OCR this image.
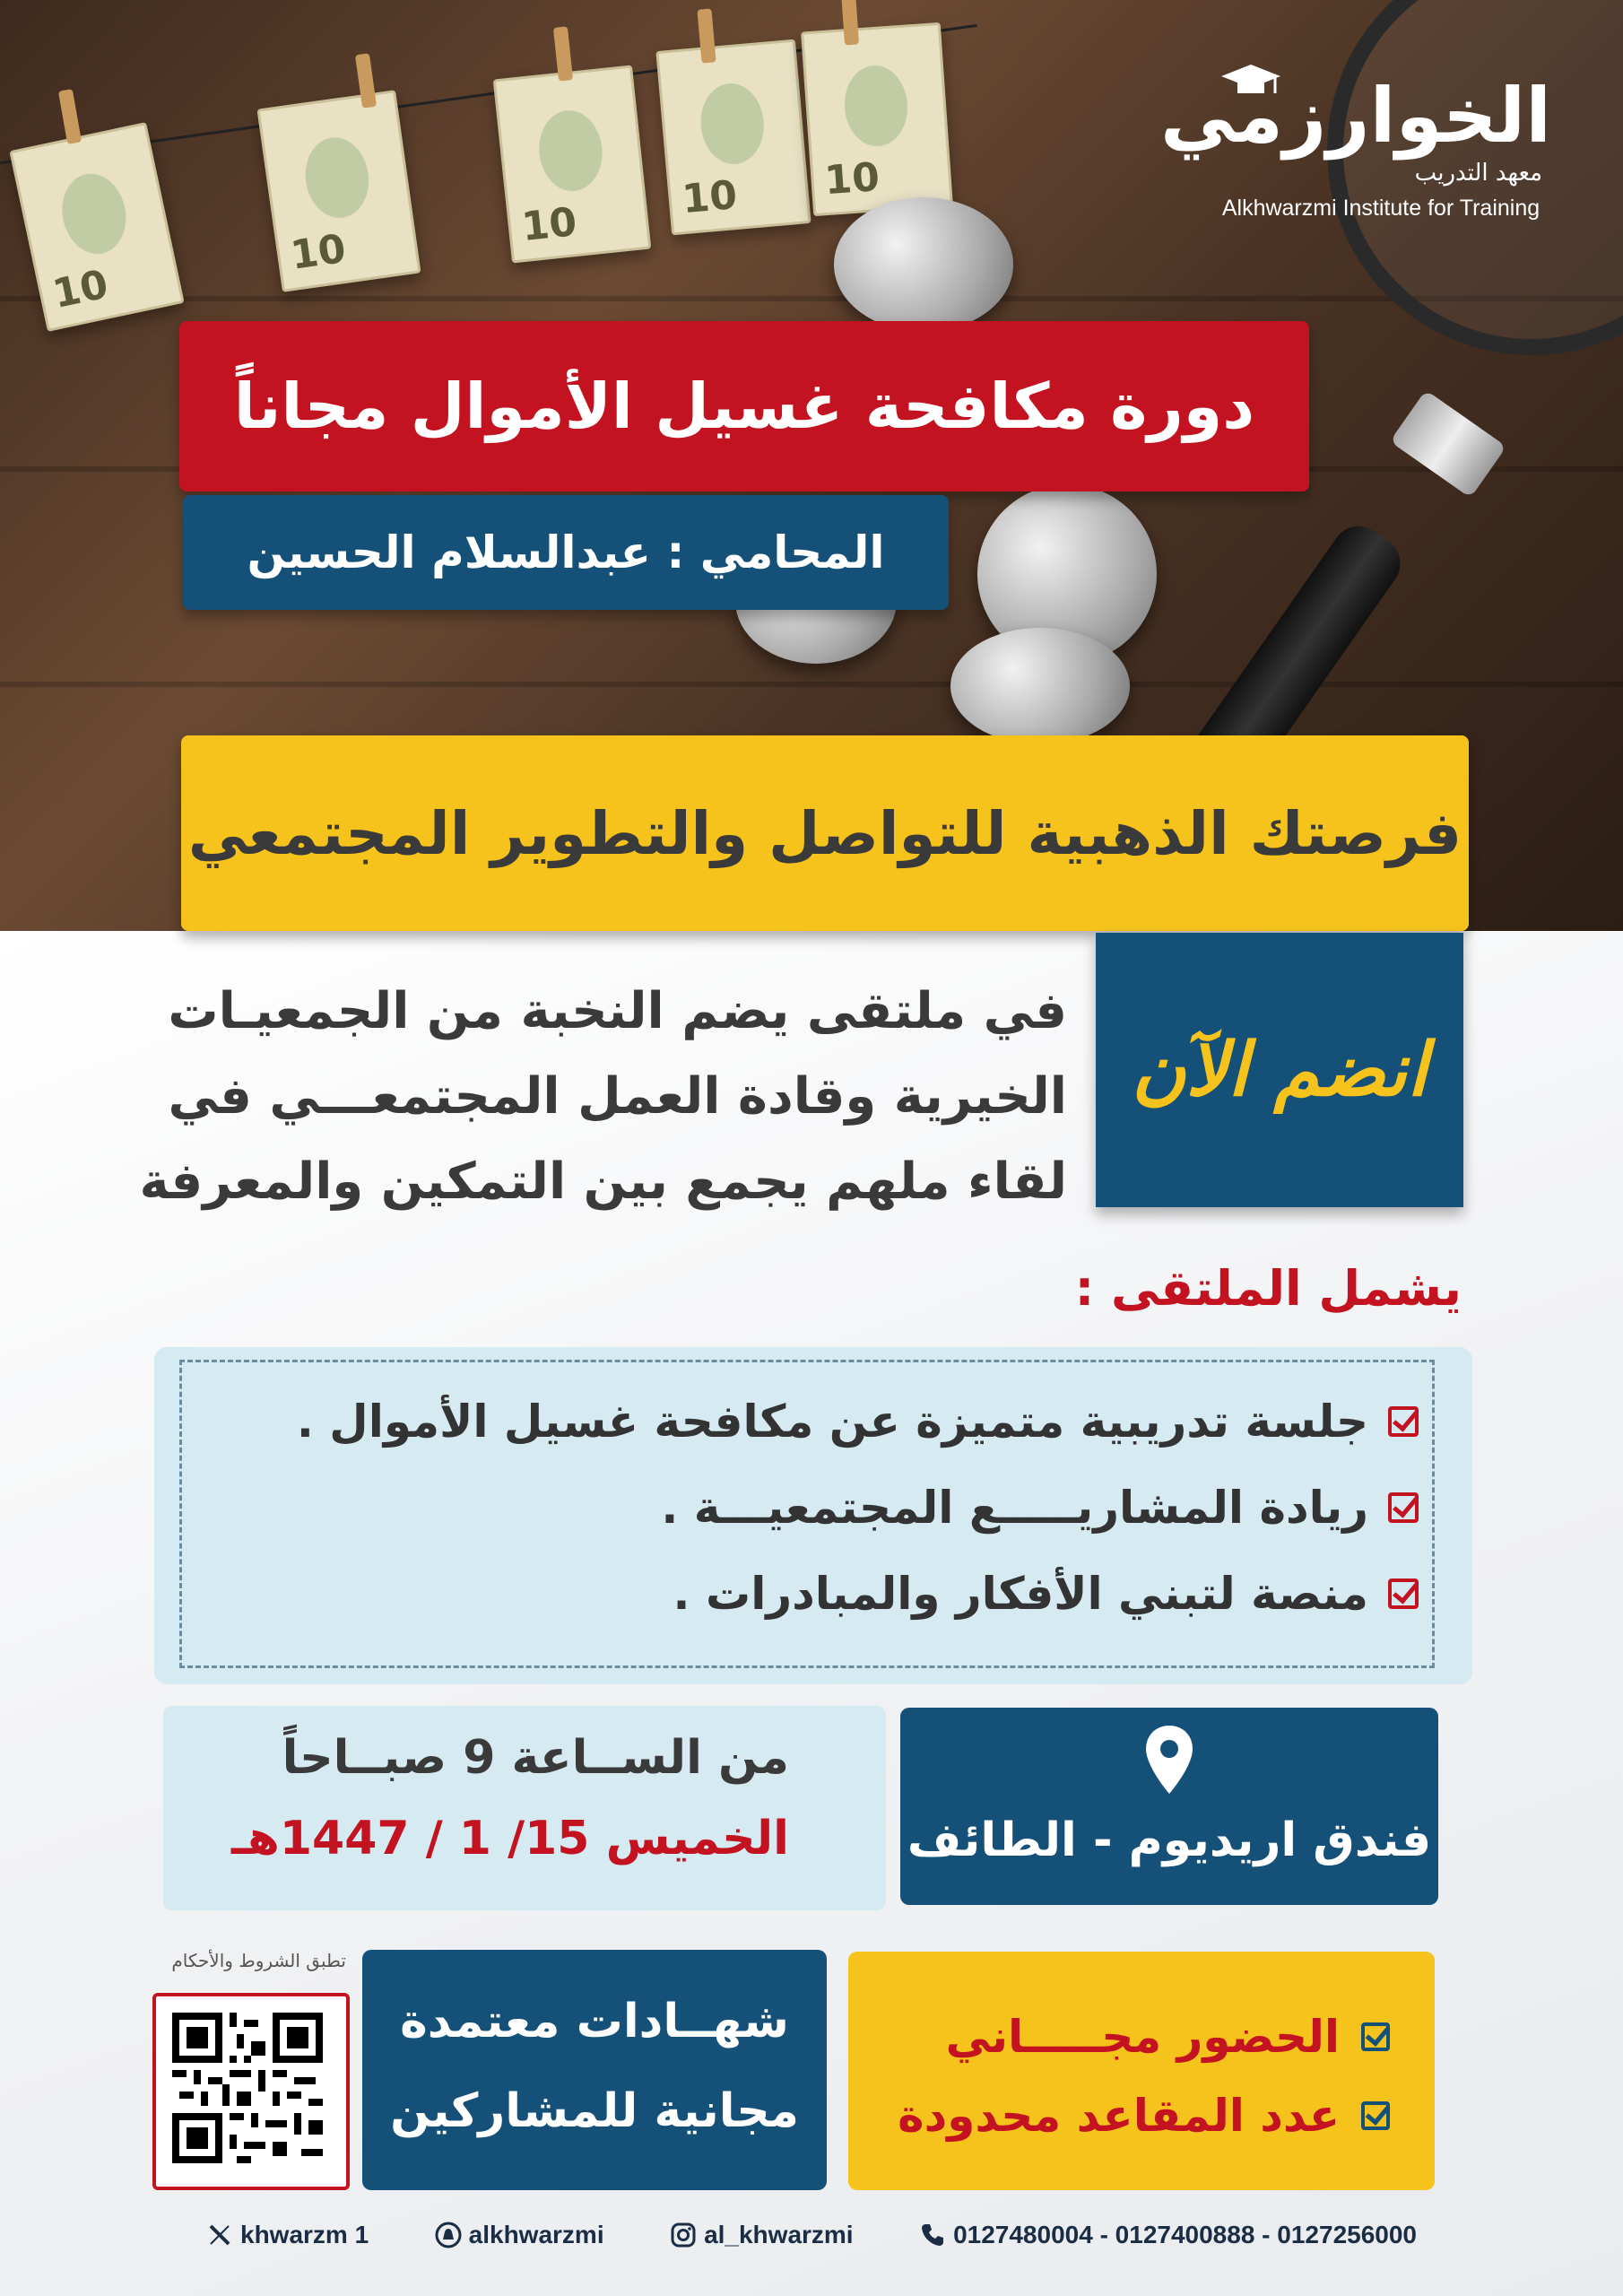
10
10
10
10 10
الخوارزمي
معهد التدريب
Alkhwarzmi Institute for Training
دورة مكافحة غسيل الأموال مجاناً
المحامي : عبدالسلام الحسين
فرصتك الذهبية للتواصل والتطوير المجتمعي
انضم الآن
في ملتقى يضم النخبة من الجمعيـات
الخيرية وقادة العمل المجتمعـــي في
لقاء ملهم يجمع بين التمكين والمعرفة
يشمل الملتقى :
جلسة تدريبية متميزة عن مكافحة غسيل الأموال .
ريادة المشاريـــــع المجتمعيـــة .
منصة لتبني الأفكار والمبادرات .
من الســاعة 9 صبــاحاً
الخميس 15/ 1 / 1447هـ	فندق اريديوم - الطائف
تطبق الشروط والأحكام
شهــادات معتمدة
مجانية للمشاركين
الحضور مجـــــاني
عدد المقاعد محدودة
khwarzm 1	alkhwarzmi	al_khwarzmi	0127480004 - 0127400888 - 0127256000
